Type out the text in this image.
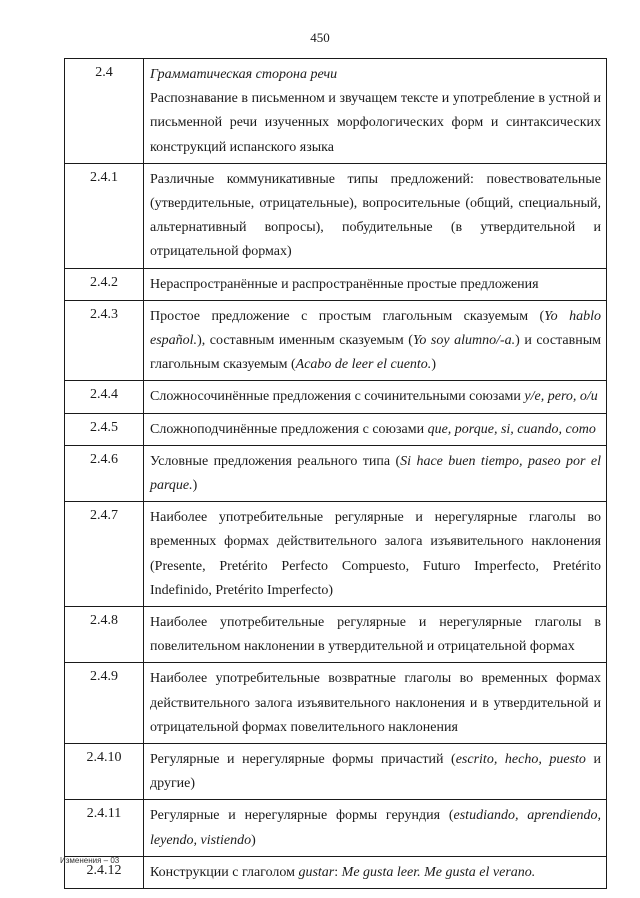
450
2.4	Грамматическая сторона речи
Распознавание в письменном и звучащем тексте и употребление в устной и письменной речи изученных морфологических форм и синтаксических конструкций испанского языка

2.4.1	Различные коммуникативные типы предложений: повествовательные (утвердительные, отрицательные), вопросительные (общий, специальный, альтернативный вопросы), побудительные (в утвердительной и отрицательной формах)
2.4.2	Нераспространённые и распространённые простые предложения
2.4.3	Простое предложение с простым глагольным сказуемым (Yo hablo español.), составным именным сказуемым (Yo soy alumno/-a.) и составным глагольным сказуемым (Acabo de leer el cuento.)
2.4.4	Сложносочинённые предложения с сочинительными союзами y/e, pero, o/u
2.4.5	Сложноподчинённые предложения с союзами que, porque, si, cuando, como
2.4.6	Условные предложения реального типа (Si hace buen tiempo, paseo por el parque.)
2.4.7	Наиболее употребительные регулярные и нерегулярные глаголы во временных формах действительного залога изъявительного наклонения (Presente, Pretérito Perfecto Compuesto, Futuro Imperfecto, Pretérito Indefinido, Pretérito Imperfecto)
2.4.8	Наиболее употребительные регулярные и нерегулярные глаголы в повелительном наклонении в утвердительной и отрицательной формах
2.4.9	Наиболее употребительные возвратные глаголы во временных формах действительного залога изъявительного наклонения и в утвердительной и отрицательной формах повелительного наклонения
2.4.10	Регулярные и нерегулярные формы причастий (escrito, hecho, puesto и другие)
2.4.11	Регулярные и нерегулярные формы герундия (estudiando, aprendiendo, leyendo, vistiendo)
2.4.12	Конструкции с глаголом gustar: Me gusta leer. Me gusta el verano.
Изменения – 03
